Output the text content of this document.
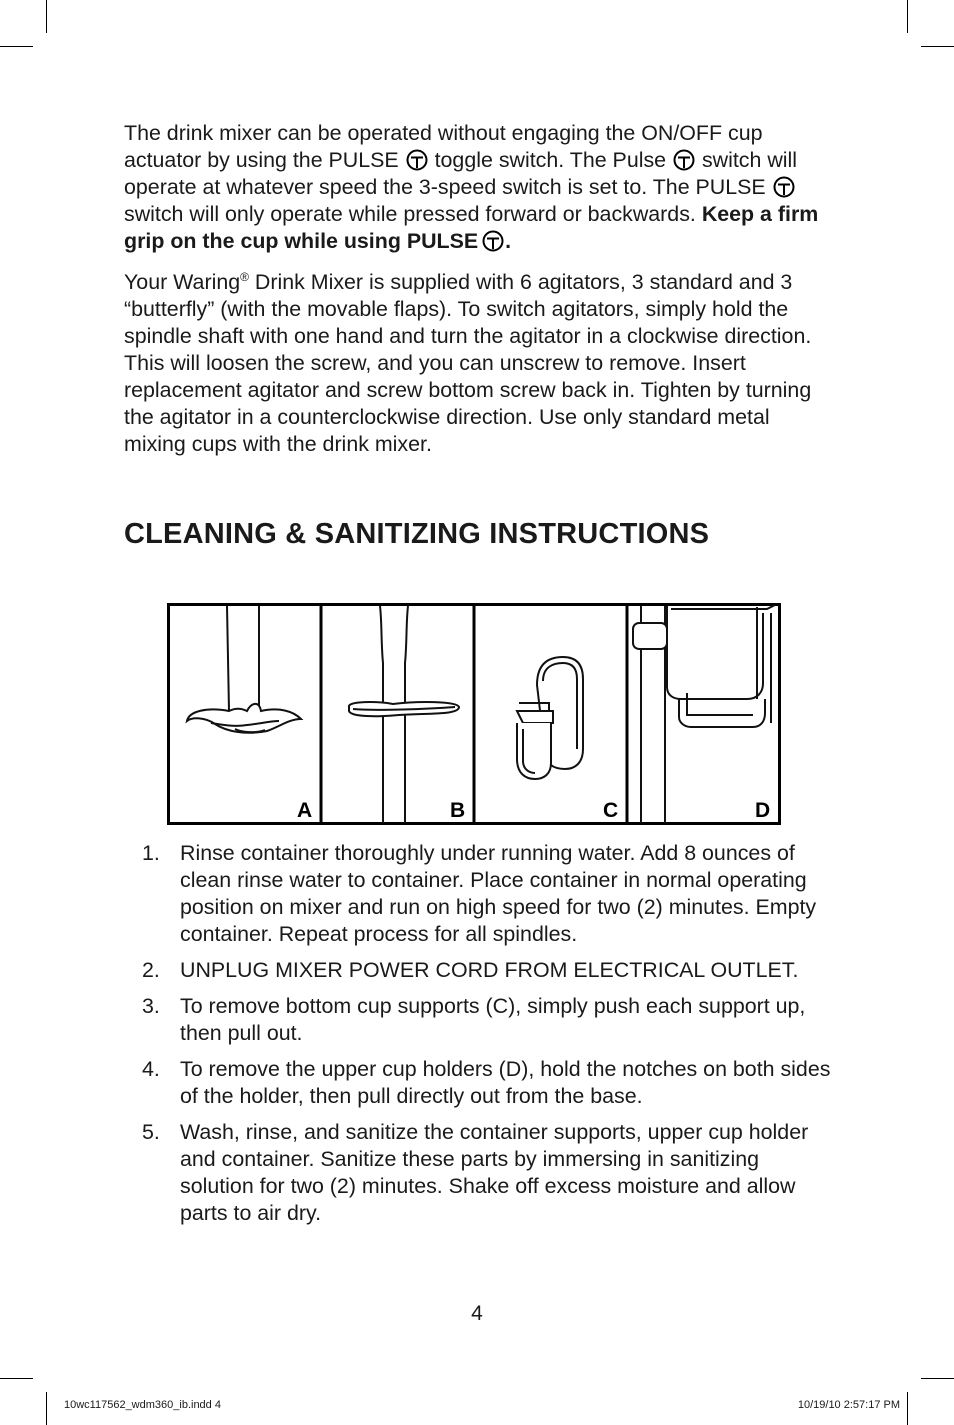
The drink mixer can be operated without engaging the ON/OFF cup actuator by using the PULSE toggle switch. The Pulse switch will operate at whatever speed the 3-speed switch is set to. The PULSE  switch will only operate while pressed forward or backwards. Keep a firm grip on the cup while using PULSE .

Your Waring® Drink Mixer is supplied with 6 agitators, 3 standard and 3 “butterfly” (with the movable flaps). To switch agitators, simply hold the spindle shaft with one hand and turn the agitator in a clockwise direction. This will loosen the screw, and you can unscrew to remove. Insert replacement agitator and screw bottom screw back in. Tighten by turning the agitator in a counterclockwise direction. Use only standard metal mixing cups with the drink mixer.

CLEANING & SANITIZING INSTRUCTIONS
A	B	C	D
1. Rinse container thoroughly under running water. Add 8 ounces of clean rinse water to container. Place container in normal operating position on mixer and run on high speed for two (2) minutes. Empty container. Repeat process for all spindles.
2. UNPLUG MIXER POWER CORD FROM ELECTRICAL OUTLET.
3. To remove bottom cup supports (C), simply push each support up, then pull out.
4. To remove the upper cup holders (D), hold the notches on both sides of the holder, then pull directly out from the base.
5. Wash, rinse, and sanitize the container supports, upper cup holder and container. Sanitize these parts by immersing in sanitizing solution for two (2) minutes. Shake off excess moisture and allow parts to air dry.
4
10wc117562_wdm360_ib.indd 4	10/19/10 2:57:17 PM
